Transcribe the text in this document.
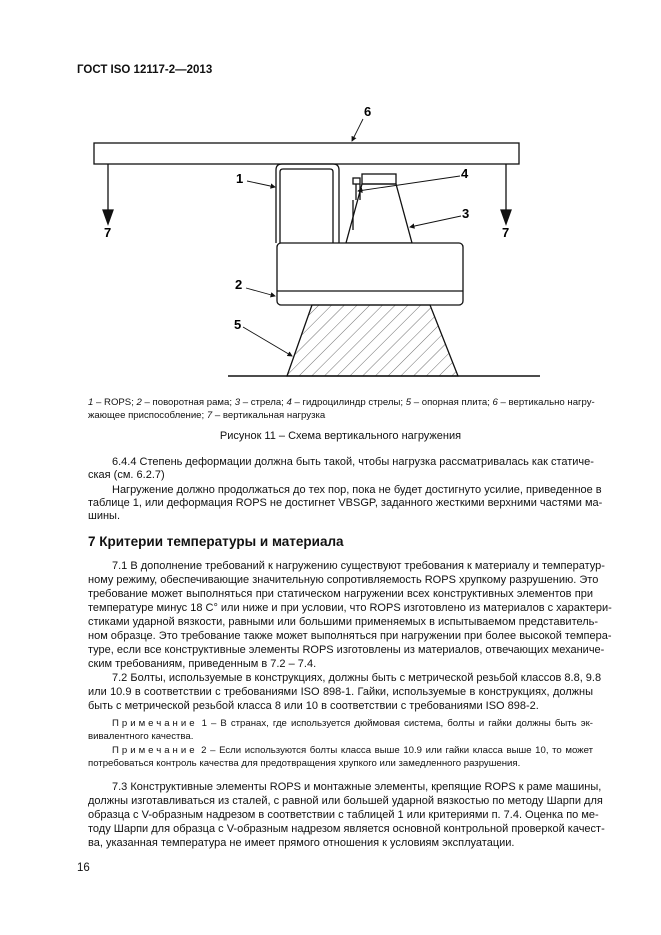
ГОСТ ISO 12117-2—2013
6
1	4
3
2
5
7	7
1 – ROPS; 2 – поворотная рама; 3 – стрела; 4 – гидроцилиндр стрелы; 5 – опорная плита; 6 – вертикально нагру-
жающее приспособление; 7 – вертикальная нагрузка
Рисунок 11 – Схема вертикального нагружения
6.4.4 Степень деформации должна быть такой, чтобы нагрузка рассматривалась как статиче-
ская (см. 6.2.7)
Нагружение должно продолжаться до тех пор, пока не будет достигнуто усилие, приведенное в
таблице 1, или деформация ROPS не достигнет VBSGP, заданного жесткими верхними частями ма-
шины.
7 Критерии температуры и материала
7.1 В дополнение требований к нагружению существуют требования к материалу и температур-
ному режиму, обеспечивающие значительную сопротивляемость ROPS хрупкому разрушению. Это
требование может выполняться при статическом нагружении всех конструктивных элементов при
температуре минус 18 С° или ниже и при условии, что ROPS изготовлено из материалов с характери-
стиками ударной вязкости, равными или большими применяемых в испытываемом представитель-
ном образце. Это требование также может выполняться при нагружении при более высокой темпера-
туре, если все конструктивные элементы ROPS изготовлены из материалов, отвечающих механиче-
ским требованиям, приведенным в 7.2 – 7.4.
7.2 Болты, используемые в конструкциях, должны быть с метрической резьбой классов 8.8, 9.8
или 10.9 в соответствии с требованиями ISO 898-1. Гайки, используемые в конструкциях, должны
быть с метрической резьбой класса 8 или 10 в соответствии с требованиями ISO 898-2.
Примечание 1 – В странах, где используется дюймовая система, болты и гайки должны быть эк-
вивалентного качества.
Примечание 2 – Если используются болты класса выше 10.9 или гайки класса выше 10, то может
потребоваться контроль качества для предотвращения хрупкого или замедленного разрушения.
7.3 Конструктивные элементы ROPS и монтажные элементы, крепящие ROPS к раме машины,
должны изготавливаться из сталей, с равной или большей ударной вязкостью по методу Шарпи для
образца с V-образным надрезом в соответствии с таблицей 1 или критериями п. 7.4. Оценка по ме-
тоду Шарпи для образца с V-образным надрезом является основной контрольной проверкой качест-
ва, указанная температура не имеет прямого отношения к условиям эксплуатации.
16
